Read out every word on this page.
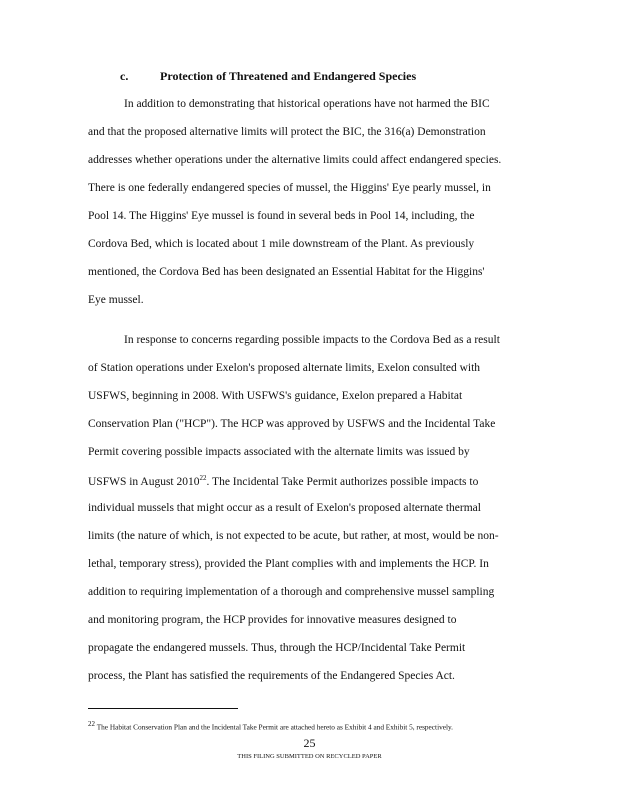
c.	Protection of Threatened and Endangered Species

In addition to demonstrating that historical operations have not harmed the BIC

and that the proposed alternative limits will protect the BIC, the 316(a) Demonstration

addresses whether operations under the alternative limits could affect endangered species.

There is one federally endangered species of mussel, the Higgins' Eye pearly mussel, in

Pool 14. The Higgins' Eye mussel is found in several beds in Pool 14, including, the

Cordova Bed, which is located about 1 mile downstream of the Plant. As previously

mentioned, the Cordova Bed has been designated an Essential Habitat for the Higgins'

Eye mussel.

In response to concerns regarding possible impacts to the Cordova Bed as a result

of Station operations under Exelon's proposed alternate limits, Exelon consulted with

USFWS, beginning in 2008. With USFWS's guidance, Exelon prepared a Habitat

Conservation Plan ("HCP"). The HCP was approved by USFWS and the Incidental Take

Permit covering possible impacts associated with the alternate limits was issued by

USFWS in August 2010$^{22}$. The Incidental Take Permit authorizes possible impacts to

individual mussels that might occur as a result of Exelon's proposed alternate thermal

limits (the nature of which, is not expected to be acute, but rather, at most, would be non-

lethal, temporary stress), provided the Plant complies with and implements the HCP. In

addition to requiring implementation of a thorough and comprehensive mussel sampling

and monitoring program, the HCP provides for innovative measures designed to

propagate the endangered mussels. Thus, through the HCP/Incidental Take Permit

process, the Plant has satisfied the requirements of the Endangered Species Act.

22 The Habitat Conservation Plan and the Incidental Take Permit are attached hereto as Exhibit 4 and Exhibit 5, respectively.

25

THIS FILING SUBMITTED ON RECYCLED PAPER
